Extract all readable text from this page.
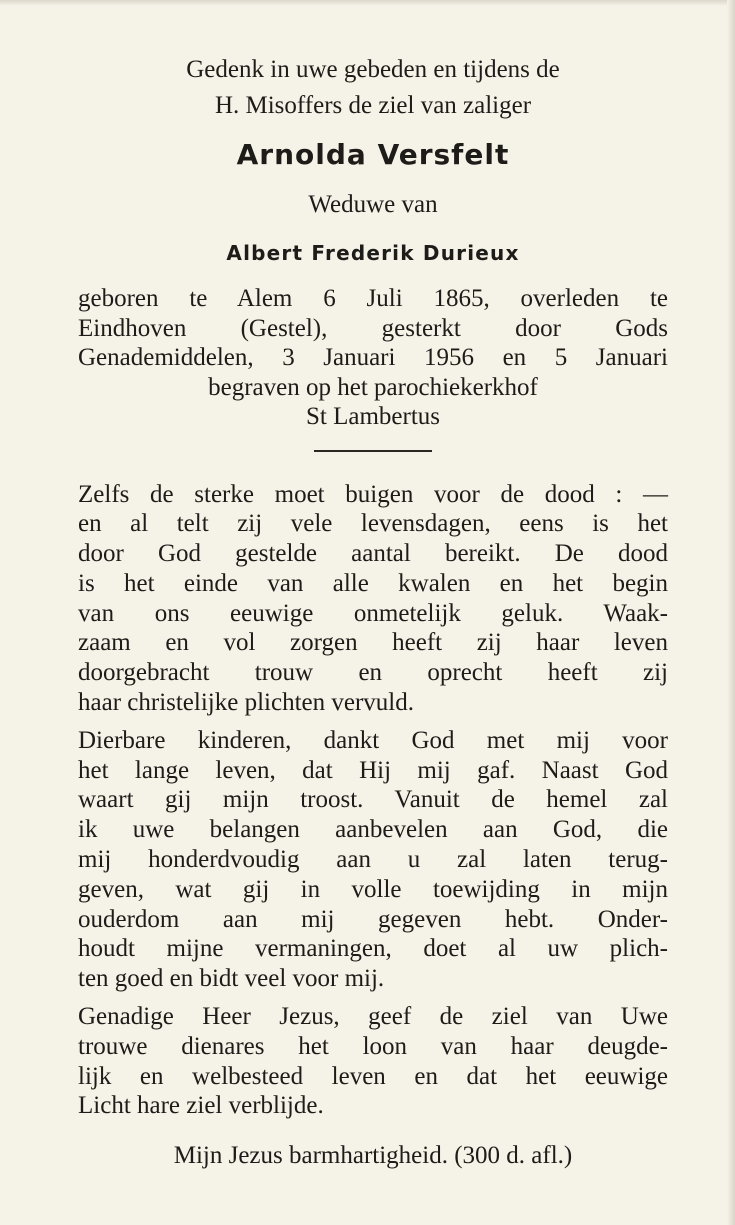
Gedenk in uwe gebeden en tijdens de
H. Misoffers de ziel van zaliger

Arnolda Versfelt

Weduwe van

Albert Frederik Durieux

geboren te Alem 6 Juli 1865, overleden te
Eindhoven (Gestel), gesterkt door Gods
Genademiddelen, 3 Januari 1956 en 5 Januari
begraven op het parochiekerkhof
St Lambertus

Zelfs de sterke moet buigen voor de dood : —
en al telt zij vele levensdagen, eens is het
door God gestelde aantal bereikt. De dood
is het einde van alle kwalen en het begin
van ons eeuwige onmetelijk geluk. Waak-
zaam en vol zorgen heeft zij haar leven
doorgebracht trouw en oprecht heeft zij
haar christelijke plichten vervuld.

Dierbare kinderen, dankt God met mij voor
het lange leven, dat Hij mij gaf. Naast God
waart gij mijn troost. Vanuit de hemel zal
ik uwe belangen aanbevelen aan God, die
mij honderdvoudig aan u zal laten terug-
geven, wat gij in volle toewijding in mijn
ouderdom aan mij gegeven hebt. Onder-
houdt mijne vermaningen, doet al uw plich-
ten goed en bidt veel voor mij.

Genadige Heer Jezus, geef de ziel van Uwe
trouwe dienares het loon van haar deugde-
lijk en welbesteed leven en dat het eeuwige
Licht hare ziel verblijde.

Mijn Jezus barmhartigheid. (300 d. afl.)
